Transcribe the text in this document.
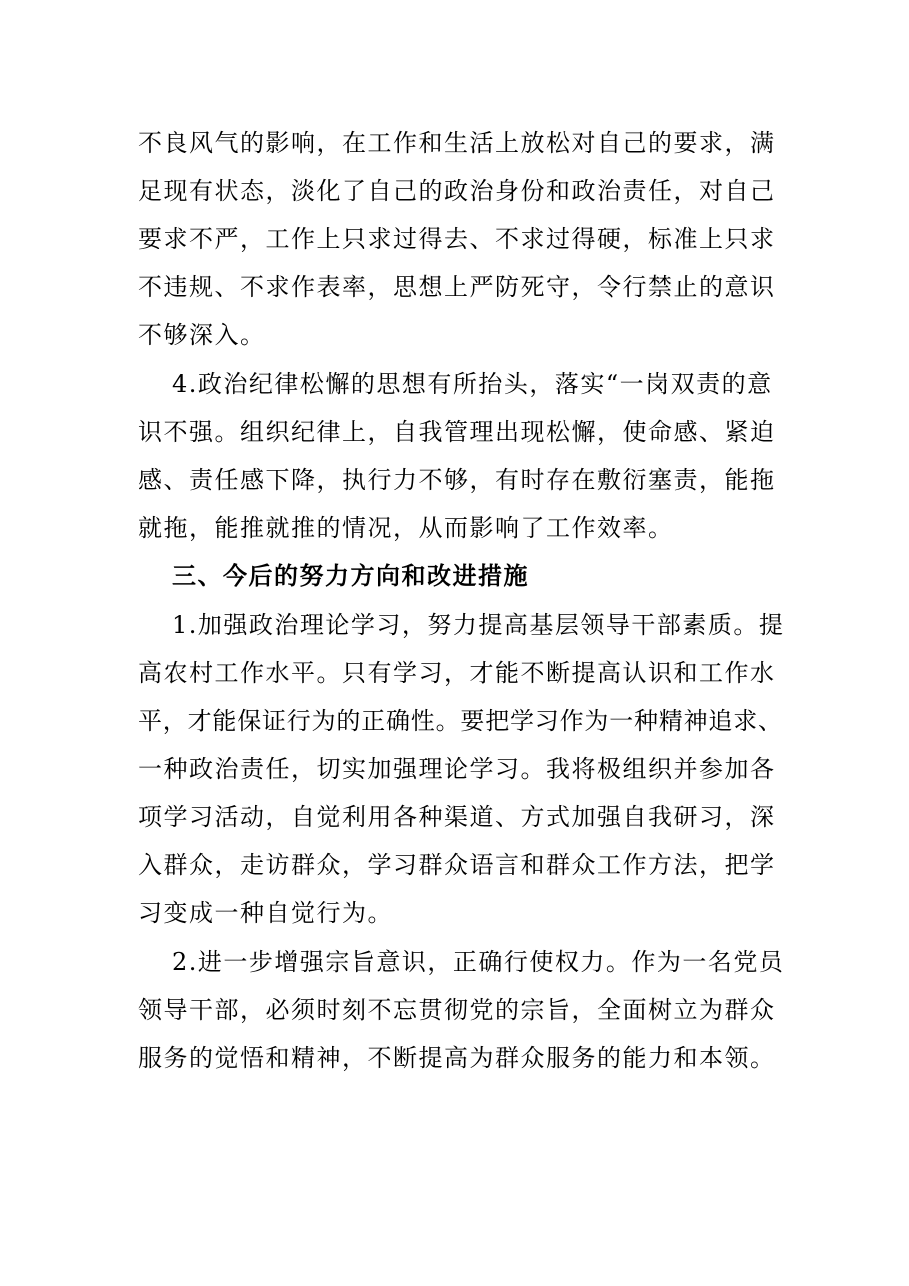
不良风气的影响，在工作和生活上放松对自己的要求，满
足现有状态，淡化了自己的政治身份和政治责任，对自己
要求不严，工作上只求过得去、不求过得硬，标准上只求
不违规、不求作表率，思想上严防死守，令行禁止的意识
不够深入。
4.政治纪律松懈的思想有所抬头，落实“一岗双责的意
识不强。组织纪律上，自我管理出现松懈，使命感、紧迫
感、责任感下降，执行力不够，有时存在敷衍塞责，能拖
就拖，能推就推的情况，从而影响了工作效率。
三、今后的努力方向和改进措施
1.加强政治理论学习，努力提高基层领导干部素质。提
高农村工作水平。只有学习，才能不断提高认识和工作水
平，才能保证行为的正确性。要把学习作为一种精神追求、
一种政治责任，切实加强理论学习。我将极组织并参加各
项学习活动，自觉利用各种渠道、方式加强自我研习，深
入群众，走访群众，学习群众语言和群众工作方法，把学
习变成一种自觉行为。
2.进一步增强宗旨意识，正确行使权力。作为一名党员
领导干部，必须时刻不忘贯彻党的宗旨，全面树立为群众
服务的觉悟和精神，不断提高为群众服务的能力和本领。
